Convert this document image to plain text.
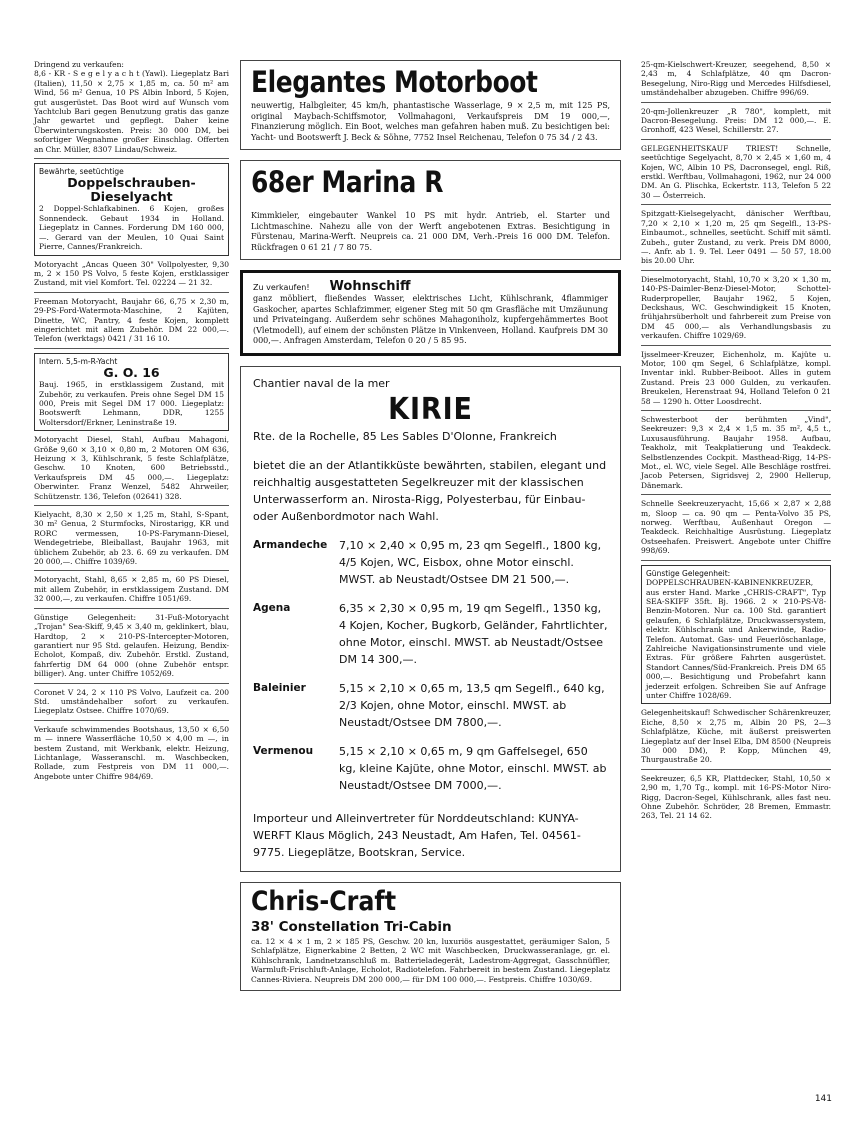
Dringend zu verkaufen:
8,6 - KR - S e g e l y a c h t (Yawl). Liegeplatz Bari (Italien), 11,50 × 2,75 × 1,85 m, ca. 50 m² am Wind, 56 m² Genua, 10 PS Albin Inbord, 5 Kojen, gut ausgerüstet. Das Boot wird auf Wunsch vom Yachtclub Bari gegen Benutzung gratis das ganze Jahr gewartet und gepflegt. Daher keine Überwinterungskosten. Preis: 30 000 DM, bei sofortiger Wegnahme großer Einschlag. Offerten an Chr. Müller, 8307 Lindau/Schweiz.
Bewährte, seetüchtige
Doppelschrauben-Dieselyacht
2 Doppel-Schlafkabinen. 6 Kojen, großes Sonnendeck. Gebaut 1934 in Holland. Liegeplatz in Cannes. Forderung DM 160 000,—. Gerard van der Meulen, 10 Quai Saint Pierre, Cannes/Frankreich.
Motoryacht „Ancas Queen 30" Vollpolyester, 9,30 m, 2 × 150 PS Volvo, 5 feste Kojen, erstklassiger Zustand, mit viel Komfort. Tel. 02224 — 21 32.
Freeman Motoryacht, Baujahr 66, 6,75 × 2,30 m, 29-PS-Ford-Watermota-Maschine, 2 Kajüten, Dinette, WC, Pantry, 4 feste Kojen, komplett eingerichtet mit allem Zubehör. DM 22 000,—. Telefon (werktags) 0421 / 31 16 10.
Intern. 5,5-m-R-Yacht
G. O. 16
Bauj. 1965, in erstklassigem Zustand, mit Zubehör, zu verkaufen. Preis ohne Segel DM 15 000, Preis mit Segel DM 17 000. Liegeplatz: Bootswerft Lehmann, DDR, 1255 Woltersdorf/Erkner, Leninstraße 19.
Motoryacht Diesel, Stahl, Aufbau Mahagoni, Größe 9,60 × 3,10 × 0,80 m, 2 Motoren OM 636, Heizung × 3, Kühlschrank, 5 feste Schlafplätze, Geschw. 10 Knoten, 600 Betriebsstd., Verkaufspreis DM 45 000,—. Liegeplatz: Oberwinter. Franz Wenzel, 5482 Ahrweiler, Schützenstr. 136, Telefon (02641) 328.
Kielyacht, 8,30 × 2,50 × 1,25 m, Stahl, S-Spant, 30 m² Genua, 2 Sturmfocks, Nirostarigg, KR und RORC vermessen, 10-PS-Farymann-Diesel, Wendegetriebe, Bleiballast, Baujahr 1963, mit üblichem Zubehör, ab 23. 6. 69 zu verkaufen. DM 20 000,—. Chiffre 1039/69.
Motoryacht, Stahl, 8,65 × 2,85 m, 60 PS Diesel, mit allem Zubehör, in erstklassigem Zustand. DM 32 000,—, zu verkaufen. Chiffre 1051/69.
Günstige Gelegenheit: 31-Fuß-Motoryacht „Trojan" Sea-Skiff, 9,45 × 3,40 m, geklinkert, blau, Hardtop, 2 × 210-PS-Intercepter-Motoren, garantiert nur 95 Std. gelaufen. Heizung, Bendix-Echolot, Kompaß, div. Zubehör. Erstkl. Zustand, fahrfertig DM 64 000 (ohne Zubehör entspr. billiger). Ang. unter Chiffre 1052/69.
Coronet V 24, 2 × 110 PS Volvo, Laufzeit ca. 200 Std. umständehalber sofort zu verkaufen. Liegeplatz Ostsee. Chiffre 1070/69.
Verkaufe schwimmendes Bootshaus, 13,50 × 6,50 m — innere Wasserfläche 10,50 × 4,00 m —, in bestem Zustand, mit Werkbank, elektr. Heizung, Lichtanlage, Wasseranschl. m. Waschbecken, Rollade, zum Festpreis von DM 11 000,—. Angebote unter Chiffre 984/69.
Elegantes Motorboot
neuwertig, Halbgleiter, 45 km/h, phantastische Wasserlage, 9 × 2,5 m, mit 125 PS, original Maybach-Schiffsmotor, Vollmahagoni, Verkaufspreis DM 19 000,—, Finanzierung möglich. Ein Boot, welches man gefahren haben muß. Zu besichtigen bei: Yacht- und Bootswerft J. Beck & Söhne, 7752 Insel Reichenau, Telefon 0 75 34 / 2 43.
68er Marina R
Kimmkieler, eingebauter Wankel 10 PS mit hydr. Antrieb, el. Starter und Lichtmaschine. Nahezu alle von der Werft angebotenen Extras. Besichtigung in Fürstenau, Marina-Werft. Neupreis ca. 21 000 DM, Verh.-Preis 16 000 DM. Telefon. Rückfragen 0 61 21 / 7 80 75.
Zu verkaufen! Wohnschiff
ganz möbliert, fließendes Wasser, elektrisches Licht, Kühlschrank, 4flammiger Gaskocher, apartes Schlafzimmer, eigener Steg mit 50 qm Grasfläche mit Umzäunung und Privateingang. Außerdem sehr schönes Mahagoniholz, kupfergehämmertes Boot (Vletmodell), auf einem der schönsten Plätze in Vinkenveen, Holland. Kaufpreis DM 30 000,—. Anfragen Amsterdam, Telefon 0 20 / 5 85 95.
Chantier naval de la mer
KIRIE
Rte. de la Rochelle, 85 Les Sables D'Olonne, Frankreich
bietet die an der Atlantikküste bewährten, stabilen, elegant und reichhaltig ausgestatteten Segelkreuzer mit der klassischen Unterwasserform an. Nirosta-Rigg, Polyesterbau, für Einbau- oder Außenbordmotor nach Wahl.
Armandeche	7,10 × 2,40 × 0,95 m, 23 qm Segelfl., 1800 kg, 4/5 Kojen, WC, Eisbox, ohne Motor einschl. MWST. ab Neustadt/Ostsee DM 21 500,—.
Agena	6,35 × 2,30 × 0,95 m, 19 qm Segelfl., 1350 kg, 4 Kojen, Kocher, Bugkorb, Geländer, Fahrtlichter, ohne Motor, einschl. MWST. ab Neustadt/Ostsee DM 14 300,—.
Baleinier	5,15 × 2,10 × 0,65 m, 13,5 qm Segelfl., 640 kg, 2/3 Kojen, ohne Motor, einschl. MWST. ab Neustadt/Ostsee DM 7800,—.
Vermenou	5,15 × 2,10 × 0,65 m, 9 qm Gaffelsegel, 650 kg, kleine Kajüte, ohne Motor, einschl. MWST. ab Neustadt/Ostsee DM 7000,—.
Importeur und Alleinvertreter für Norddeutschland: KUNYA-WERFT Klaus Möglich, 243 Neustadt, Am Hafen, Tel. 04561-9775. Liegeplätze, Bootskran, Service.
Chris-Craft
38' Constellation Tri-Cabin
ca. 12 × 4 × 1 m, 2 × 185 PS, Geschw. 20 kn, luxuriös ausgestattet, geräumiger Salon, 5 Schlafplätze, Eignerkabine 2 Betten, 2 WC mit Waschbecken, Druckwasseranlage, gr. el. Kühlschrank, Landnetzanschluß m. Batterieladegerät, Ladestrom-Aggregat, Gasschnüffler, Warmluft-Frischluft-Anlage, Echolot, Radiotelefon. Fahrbereit in bestem Zustand. Liegeplatz Cannes-Riviera. Neupreis DM 200 000,— für DM 100 000,—. Festpreis. Chiffre 1030/69.
25-qm-Kielschwert-Kreuzer, seegehend, 8,50 × 2,43 m, 4 Schlafplätze, 40 qm Dacron-Besegelung, Niro-Rigg und Mercedes Hilfsdiesel, umständehalber abzugeben. Chiffre 996/69.
20-qm-Jollenkreuzer „R 780", komplett, mit Dacron-Besegelung. Preis: DM 12 000,—. E. Gronhoff, 423 Wesel, Schillerstr. 27.
GELEGENHEITSKAUF TRIEST! Schnelle, seetüchtige Segelyacht, 8,70 × 2,45 × 1,60 m, 4 Kojen, WC, Albin 10 PS, Dacronsegel, engl. Riß, erstkl. Werftbau, Vollmahagoni, 1962, nur 24 000 DM. An G. Plischka, Eckertstr. 113, Telefon 5 22 30 — Österreich.
Spitzgatt-Kielsegelyacht, dänischer Werftbau, 7,20 × 2,10 × 1,20 m, 25 qm Segelfl., 13-PS-Einbaumot., schnelles, seetücht. Schiff mit sämtl. Zubeh., guter Zustand, zu verk. Preis DM 8000,—. Anfr. ab 1. 9. Tel. Leer 0491 — 50 57, 18.00 bis 20.00 Uhr.
Dieselmotoryacht, Stahl, 10,70 × 3,20 × 1,30 m, 140-PS-Daimler-Benz-Diesel-Motor, Schottel-Ruderpropeller, Baujahr 1962, 5 Kojen, Deckshaus, WC. Geschwindigkeit 15 Knoten, frühjahrsüberholt und fahrbereit zum Preise von DM 45 000,— als Verhandlungsbasis zu verkaufen. Chiffre 1029/69.
Ijsselmeer-Kreuzer, Eichenholz, m. Kajüte u. Motor, 100 qm Segel, 6 Schlafplätze, kompl. Inventar inkl. Rubber-Beiboot. Alles in gutem Zustand. Preis 23 000 Gulden, zu verkaufen. Breukelen, Herenstraat 94, Holland Telefon 0 21 58 — 1290 h. Otter Loosdrecht.
Schwesterboot der berühmten „Vind", Seekreuzer: 9,3 × 2,4 × 1,5 m. 35 m², 4,5 t., Luxusausführung. Baujahr 1958. Aufbau, Teakholz, mit Teakplatierung und Teakdeck. Selbstlenzendes Cockpit. Masthead-Rigg, 14-PS-Mot., el. WC, viele Segel. Alle Beschläge rostfrei. Jacob Petersen, Sigridsvej 2, 2900 Hellerup, Dänemark.
Schnelle Seekreuzeryacht, 15,66 × 2,87 × 2,88 m, Sloop — ca. 90 qm — Penta-Volvo 35 PS, norweg. Werftbau, Außenhaut Oregon — Teakdeck. Reichhaltige Ausrüstung. Liegeplatz Ostseehafen. Preiswert. Angebote unter Chiffre 998/69.
Günstige Gelegenheit:
DOPPELSCHRAUBEN-KABINENKREUZER, aus erster Hand. Marke „CHRIS-CRAFT", Typ SEA-SKIFF 35ft. Bj. 1966. 2 × 210-PS-V8-Benzin-Motoren. Nur ca. 100 Std. garantiert gelaufen, 6 Schlafplätze, Druckwassersystem, elektr. Kühlschrank und Ankerwinde, Radio-Telefon. Automat. Gas- und Feuerlöschanlage, Zahlreiche Navigationsinstrumente und viele Extras. Für größere Fahrten ausgerüstet. Standort Cannes/Süd-Frankreich. Preis DM 65 000,—. Besichtigung und Probefahrt kann jederzeit erfolgen. Schreiben Sie auf Anfrage unter Chiffre 1028/69.
Gelegenheitskauf! Schwedischer Schärenkreuzer, Eiche, 8,50 × 2,75 m, Albin 20 PS, 2—3 Schlafplätze, Küche, mit äußerst preiswerten Liegeplatz auf der Insel Elba, DM 8500 (Neupreis 30 000 DM), P. Kopp, München 49, Thurgaustraße 20.
Seekreuzer, 6,5 KR, Plattdecker, Stahl, 10,50 × 2,90 m, 1,70 Tg., kompl. mit 16-PS-Motor Niro-Rigg, Dacron-Segel, Kühlschrank, alles fast neu. Ohne Zubehör. Schröder, 28 Bremen, Emmastr. 263, Tel. 21 14 62.
141
